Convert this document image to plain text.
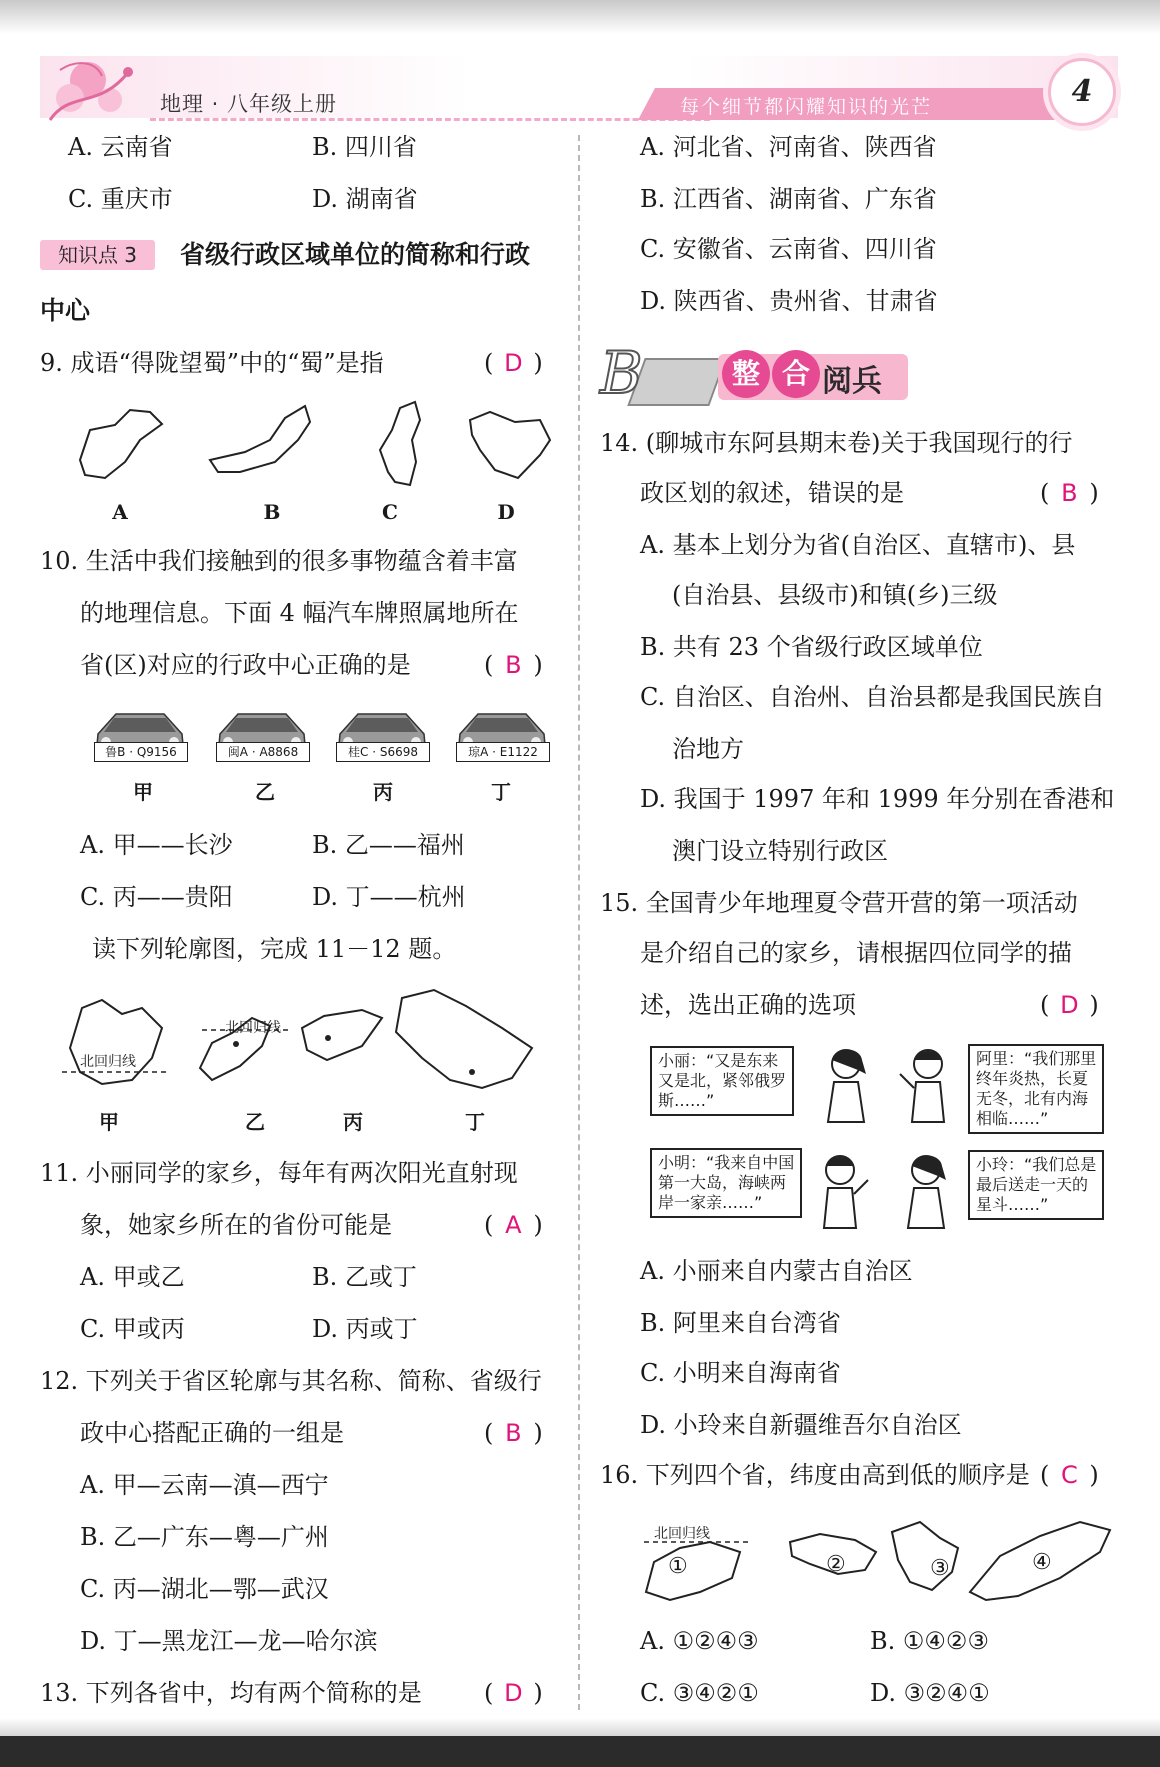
地理 · 八年级上册	每个细节都闪耀知识的光芒	4
A. 云南省	B. 四川省
C. 重庆市	D. 湖南省
知识点 3	省级行政区域单位的简称和行政
中心
9. 成语“得陇望蜀”中的“蜀”是指	( D )
A	B	C	D
10. 生活中我们接触到的很多事物蕴含着丰富
的地理信息。下面 4 幅汽车牌照属地所在
省(区)对应的行政中心正确的是	( B )
鲁B · Q9156	闽A · A8868	桂C · S6698	琼A · E1122
甲	乙	丙	丁
A. 甲——长沙	B. 乙——福州
C. 丙——贵阳	D. 丁——杭州
读下列轮廓图，完成 11－12 题。
北回归线
北回归线
甲	乙	丙	丁
11. 小丽同学的家乡，每年有两次阳光直射现
象，她家乡所在的省份可能是	( A )
A. 甲或乙	B. 乙或丁
C. 甲或丙	D. 丙或丁
12. 下列关于省区轮廓与其名称、简称、省级行
政中心搭配正确的一组是	( B )
A. 甲—云南—滇—西宁
B. 乙—广东—粤—广州
C. 丙—湖北—鄂—武汉
D. 丁—黑龙江—龙—哈尔滨
13. 下列各省中，均有两个简称的是	( D )
A. 河北省、河南省、陕西省
B. 江西省、湖南省、广东省
C. 安徽省、云南省、四川省
D. 陕西省、贵州省、甘肃省
B	整 合 阅兵
14. (聊城市东阿县期末卷)关于我国现行的行
政区划的叙述，错误的是	( B )
A. 基本上划分为省(自治区、直辖市)、县
(自治县、县级市)和镇(乡)三级
B. 共有 23 个省级行政区域单位
C. 自治区、自治州、自治县都是我国民族自
治地方
D. 我国于 1997 年和 1999 年分别在香港和
澳门设立特别行政区
15. 全国青少年地理夏令营开营的第一项活动
是介绍自己的家乡，请根据四位同学的描
述，选出正确的选项	( D )
小丽：“又是东来
又是北，紧邻俄罗
斯……”
阿里：“我们那里
终年炎热，长夏
无冬，北有内海
相临……”
小明：“我来自中国
第一大岛，海峡两
岸一家亲……”
小玲：“我们总是
最后送走一天的
星斗……”
A. 小丽来自内蒙古自治区
B. 阿里来自台湾省
C. 小明来自海南省
D. 小玲来自新疆维吾尔自治区
16. 下列四个省，纬度由高到低的顺序是 ( C )
北回归线
①	②	③	④
A. ①②④③	B. ①④②③
C. ③④②①	D. ③②④①
